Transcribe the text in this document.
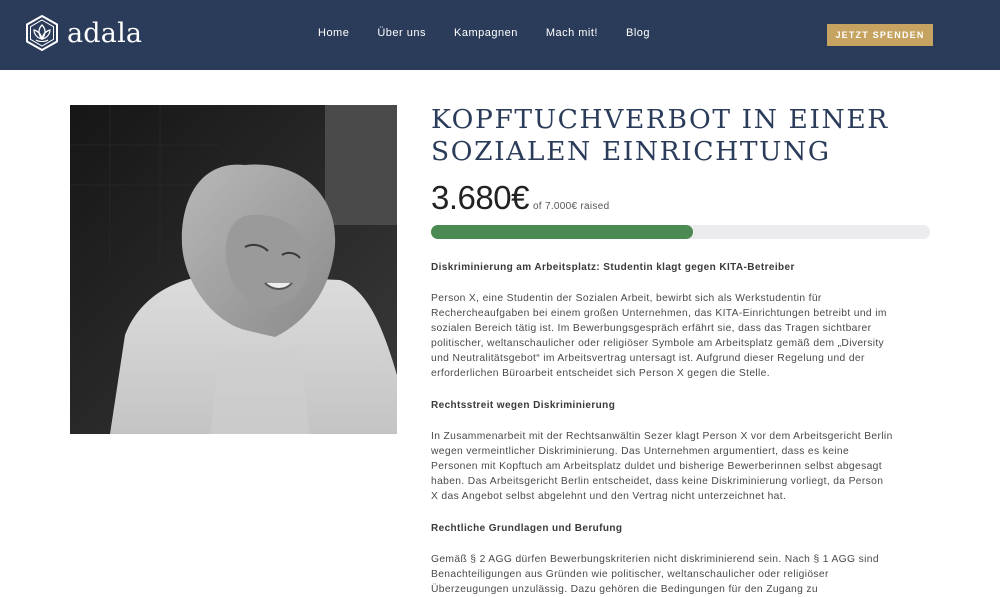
adala	Home	Über uns	Kampagnen	Mach mit!	Blog	JETZT SPENDEN
KOPFTUCHVERBOT IN EINER
SOZIALEN EINRICHTUNG
3.680€ of 7.000€ raised
Diskriminierung am Arbeitsplatz: Studentin klagt gegen KITA-Betreiber

Person X, eine Studentin der Sozialen Arbeit, bewirbt sich als Werkstudentin für
Rechercheaufgaben bei einem großen Unternehmen, das KITA-Einrichtungen betreibt und im
sozialen Bereich tätig ist. Im Bewerbungsgespräch erfährt sie, dass das Tragen sichtbarer
politischer, weltanschaulicher oder religiöser Symbole am Arbeitsplatz gemäß dem „Diversity
und Neutralitätsgebot“ im Arbeitsvertrag untersagt ist. Aufgrund dieser Regelung und der
erforderlichen Büroarbeit entscheidet sich Person X gegen die Stelle.

Rechtsstreit wegen Diskriminierung

In Zusammenarbeit mit der Rechtsanwältin Sezer klagt Person X vor dem Arbeitsgericht Berlin
wegen vermeintlicher Diskriminierung. Das Unternehmen argumentiert, dass es keine
Personen mit Kopftuch am Arbeitsplatz duldet und bisherige Bewerberinnen selbst abgesagt
haben. Das Arbeitsgericht Berlin entscheidet, dass keine Diskriminierung vorliegt, da Person
X das Angebot selbst abgelehnt und den Vertrag nicht unterzeichnet hat.

Rechtliche Grundlagen und Berufung

Gemäß § 2 AGG dürfen Bewerbungskriterien nicht diskriminierend sein. Nach § 1 AGG sind
Benachteiligungen aus Gründen wie politischer, weltanschaulicher oder religiöser
Überzeugungen unzulässig. Dazu gehören die Bedingungen für den Zugang zu
